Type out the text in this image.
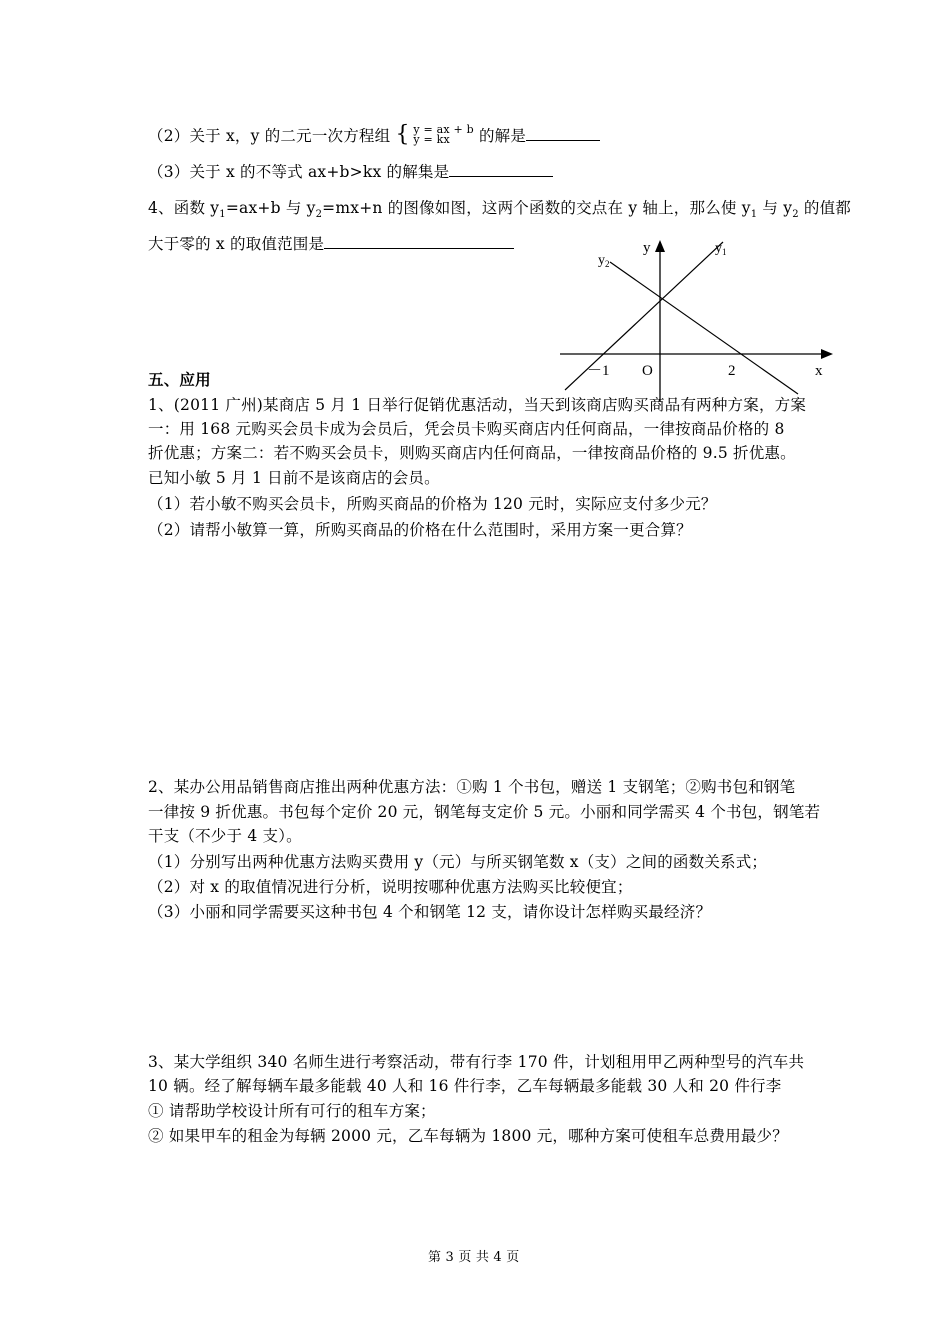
（2）关于 x，y 的二元一次方程组 { y = ax + b
y = kx 的解是
（3）关于 x 的不等式 ax+b>kx 的解集是
4、函数 $y_1=ax+b$ 与 $y_2=mx+n$ 的图像如图，这两个函数的交点在 y 轴上，那么使 $y_1$ 与 $y_2$ 的值都
大于零的 x 的取值范围是	y
x
O
－1	2
$y_1$
$y_2$
五、应用
1、(2011 广州)某商店 5 月 1 日举行促销优惠活动，当天到该商店购买商品有两种方案，方案
一：用 168 元购买会员卡成为会员后，凭会员卡购买商店内任何商品，一律按商品价格的 8
折优惠；方案二：若不购买会员卡，则购买商店内任何商品，一律按商品价格的 9.5 折优惠。
已知小敏 5 月 1 日前不是该商店的会员。
（1）若小敏不购买会员卡，所购买商品的价格为 120 元时，实际应支付多少元？
（2）请帮小敏算一算，所购买商品的价格在什么范围时，采用方案一更合算？
2、某办公用品销售商店推出两种优惠方法：①购 1 个书包，赠送 1 支钢笔；②购书包和钢笔
一律按 9 折优惠。书包每个定价 20 元，钢笔每支定价 5 元。小丽和同学需买 4 个书包，钢笔若
干支（不少于 4 支）。
（1）分别写出两种优惠方法购买费用 y（元）与所买钢笔数 x（支）之间的函数关系式；
（2）对 x 的取值情况进行分析，说明按哪种优惠方法购买比较便宜；
（3）小丽和同学需要买这种书包 4 个和钢笔 12 支，请你设计怎样购买最经济？
3、某大学组织 340 名师生进行考察活动，带有行李 170 件，计划租用甲乙两种型号的汽车共
10 辆。经了解每辆车最多能载 40 人和 16 件行李，乙车每辆最多能载 30 人和 20 件行李
① 请帮助学校设计所有可行的租车方案；
② 如果甲车的租金为每辆 2000 元，乙车每辆为 1800 元，哪种方案可使租车总费用最少？
第 3 页 共 4 页
